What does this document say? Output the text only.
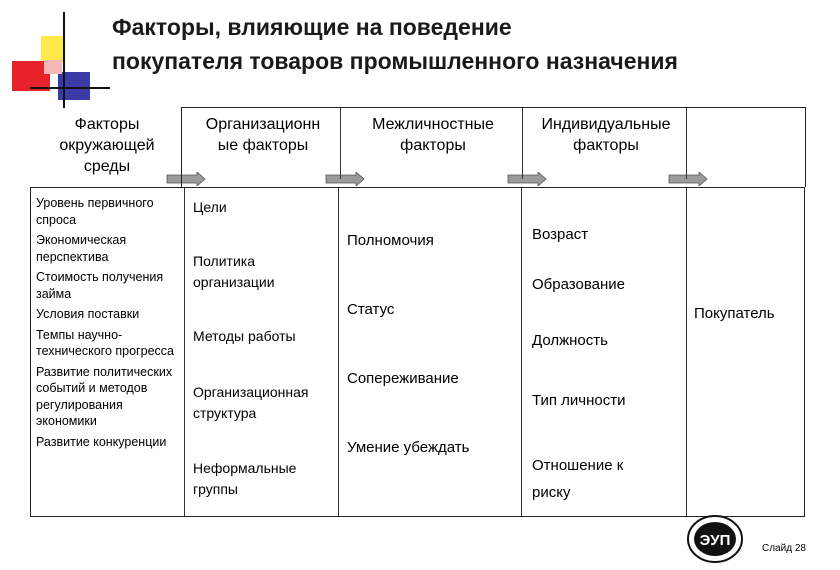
Факторы, влияющие на поведение
покупателя товаров промышленного назначения
Факторы
окружающей
среды
Организационн
ые факторы
Межличностные
факторы
Индивидуальные
факторы
Уровень первичного спроса
Экономическая перспектива
Стоимость получения займа
Условия поставки
Темпы научно-технического прогресса
Развитие политических событий и методов регулирования экономики
Развитие конкуренции
Цели
Политика организации
Методы работы
Организационная структура
Неформальные группы
Полномочия
Статус
Сопереживание
Умение убеждать
Возраст
Образование
Должность
Тип личности
Отношение к риску
Покупатель
ЭУП	Слайд 28
